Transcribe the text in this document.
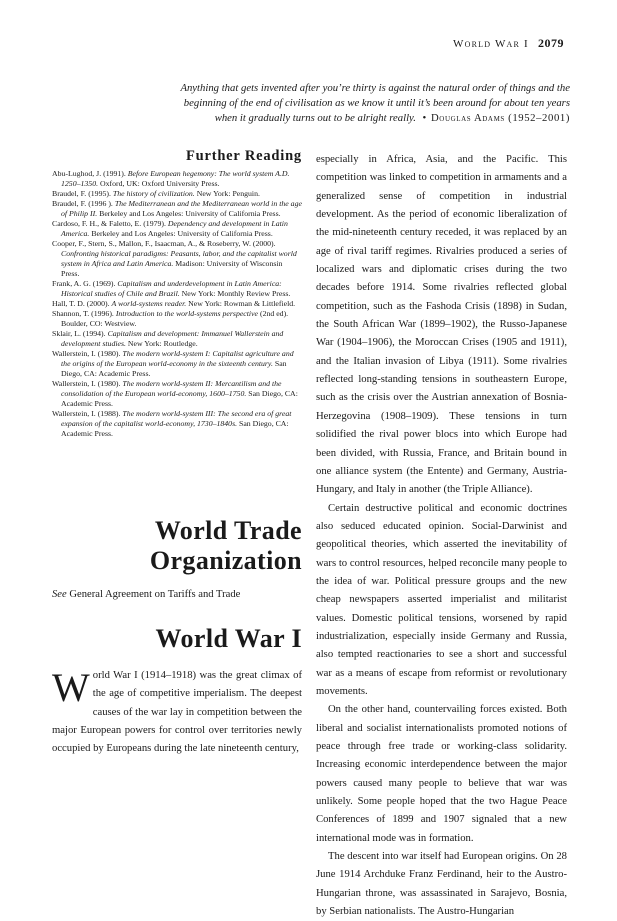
World War I 2079
Anything that gets invented after you’re thirty is against the natural order of things and the beginning of the end of civilisation as we know it until it’s been around for about ten years when it gradually turns out to be alright really. • Douglas Adams (1952–2001)
Further Reading

Abu-Lughod, J. (1991). Before European hegemony: The world system A.D. 1250–1350. Oxford, UK: Oxford University Press.

Braudel, F. (1995). The history of civilization. New York: Penguin.

Braudel, F. (1996 ). The Mediterranean and the Mediterranean world in the age of Philip II. Berkeley and Los Angeles: University of California Press.

Cardoso, F. H., & Faletto, E. (1979). Dependency and development in Latin America. Berkeley and Los Angeles: University of California Press.

Cooper, F., Stern, S., Mallon, F., Isaacman, A., & Roseberry, W. (2000). Confronting historical paradigms: Peasants, labor, and the capitalist world system in Africa and Latin America. Madison: University of Wisconsin Press.

Frank, A. G. (1969). Capitalism and underdevelopment in Latin America: Historical studies of Chile and Brazil. New York: Monthly Review Press.

Hall, T. D. (2000). A world-systems reader. New York: Rowman & Littlefield.

Shannon, T. (1996). Introduction to the world-systems perspective (2nd ed). Boulder, CO: Westview.

Sklair, L. (1994). Capitalism and development: Immanuel Wallerstein and development studies. New York: Routledge.

Wallerstein, I. (1980). The modern world-system I: Capitalist agriculture and the origins of the European world-economy in the sixteenth century. San Diego, CA: Academic Press.

Wallerstein, I. (1980). The modern world-system II: Mercantilism and the consolidation of the European world-economy, 1600–1750. San Diego, CA: Academic Press.

Wallerstein, I. (1988). The modern world-system III: The second era of great expansion of the capitalist world-economy, 1730–1840s. San Diego, CA: Academic Press.

World Trade
Organization

See General Agreement on Tariffs and Trade

World War I

World War I (1914–1918) was the great climax of the age of competitive imperialism. The deepest causes of the war lay in competition between the major European powers for control over territories newly occupied by Europeans during the late nineteenth century,

especially in Africa, Asia, and the Pacific. This competition was linked to competition in armaments and a generalized sense of competition in industrial development. As the period of economic liberalization of the mid-nineteenth century receded, it was replaced by an age of rival tariff regimes. Rivalries produced a series of localized wars and diplomatic crises during the two decades before 1914. Some rivalries reflected global competition, such as the Fashoda Crisis (1898) in Sudan, the South African War (1899–1902), the Russo-Japanese War (1904–1906), the Moroccan Crises (1905 and 1911), and the Italian invasion of Libya (1911). Some rivalries reflected long-standing tensions in southeastern Europe, such as the crisis over the Austrian annexation of Bosnia-Herzegovina (1908–1909). These tensions in turn solidified the rival power blocs into which Europe had been divided, with Russia, France, and Britain bound in one alliance system (the Entente) and Germany, Austria-Hungary, and Italy in another (the Triple Alliance).

Certain destructive political and economic doctrines also seduced educated opinion. Social-Darwinist and geopolitical theories, which asserted the inevitability of wars to control resources, helped reconcile many people to the idea of war. Political pressure groups and the new cheap newspapers asserted imperialist and militarist values. Domestic political tensions, worsened by rapid industrialization, especially inside Germany and Russia, also tempted reactionaries to see a short and successful war as a means of escape from reformist or revolutionary movements.

On the other hand, countervailing forces existed. Both liberal and socialist internationalists promoted notions of peace through free trade or working-class solidarity. Increasing economic interdependence between the major powers caused many people to believe that war was unlikely. Some people hoped that the two Hague Peace Conferences of 1899 and 1907 signaled that a new international mode was in formation.

The descent into war itself had European origins. On 28 June 1914 Archduke Franz Ferdinand, heir to the Austro-Hungarian throne, was assassinated in Sarajevo, Bosnia, by Serbian nationalists. The Austro-Hungarian
